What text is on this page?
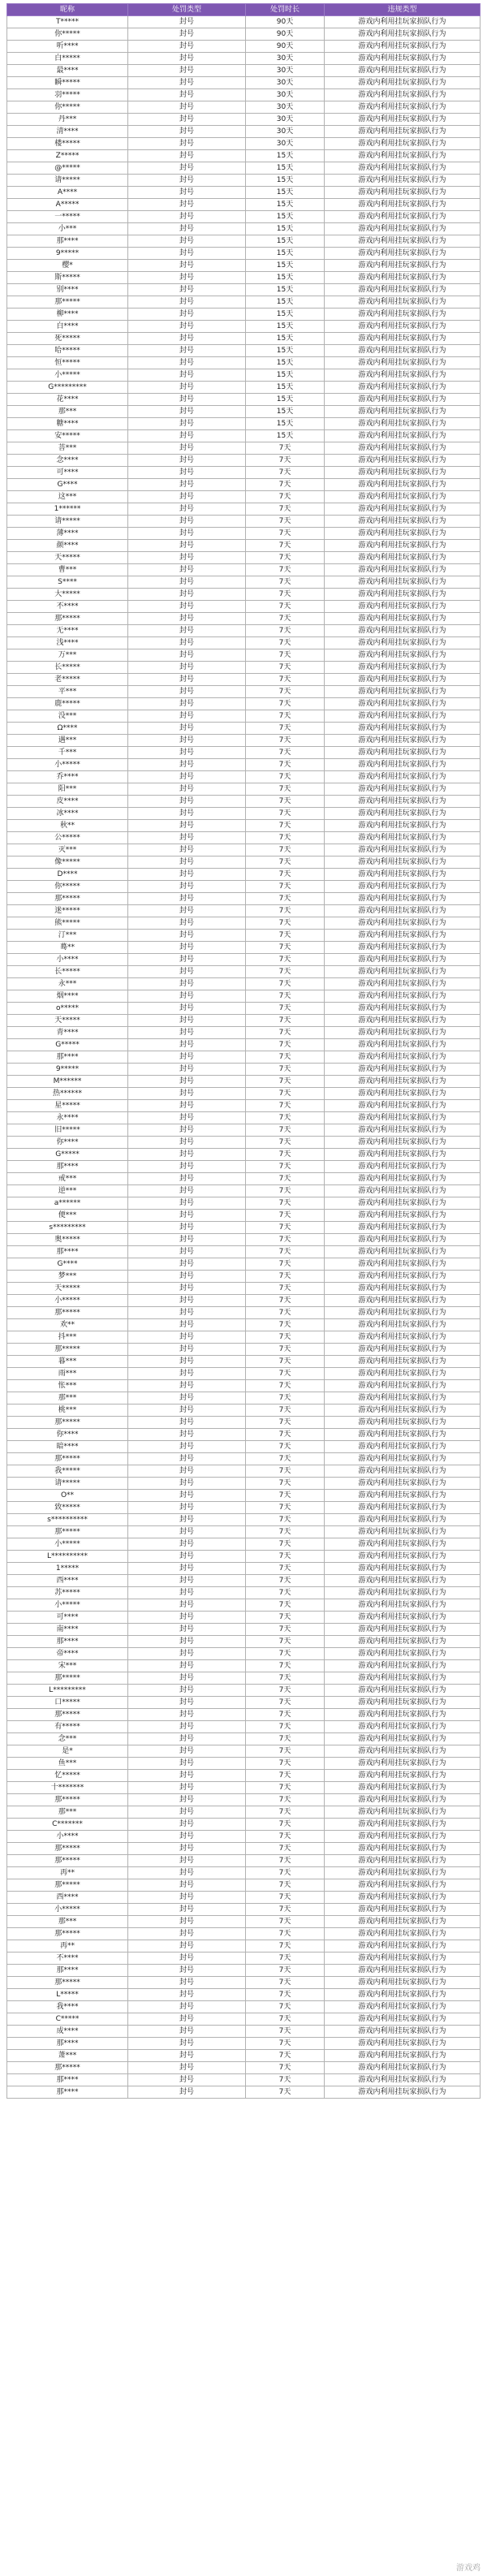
昵称	处罚类型	处罚时长	违规类型
T*****	封号	90天	游戏内利用挂玩家损队行为
你*****	封号	90天	游戏内利用挂玩家损队行为
听****	封号	90天	游戏内利用挂玩家损队行为
白*****	封号	30天	游戏内利用挂玩家损队行为
最****	封号	30天	游戏内利用挂玩家损队行为
瞬*****	封号	30天	游戏内利用挂玩家损队行为
羽*****	封号	30天	游戏内利用挂玩家损队行为
你*****	封号	30天	游戏内利用挂玩家损队行为
丹***	封号	30天	游戏内利用挂玩家损队行为
清****	封号	30天	游戏内利用挂玩家损队行为
楼*****	封号	30天	游戏内利用挂玩家损队行为
Z*****	封号	15天	游戏内利用挂玩家损队行为
@*****	封号	15天	游戏内利用挂玩家损队行为
请*****	封号	15天	游戏内利用挂玩家损队行为
A****	封号	15天	游戏内利用挂玩家损队行为
A*****	封号	15天	游戏内利用挂玩家损队行为
一*****	封号	15天	游戏内利用挂玩家损队行为
小***	封号	15天	游戏内利用挂玩家损队行为
那****	封号	15天	游戏内利用挂玩家损队行为
9*****	封号	15天	游戏内利用挂玩家损队行为
樱*	封号	15天	游戏内利用挂玩家损队行为
斯*****	封号	15天	游戏内利用挂玩家损队行为
别****	封号	15天	游戏内利用挂玩家损队行为
那*****	封号	15天	游戏内利用挂玩家损队行为
柳****	封号	15天	游戏内利用挂玩家损队行为
白****	封号	15天	游戏内利用挂玩家损队行为
死*****	封号	15天	游戏内利用挂玩家损队行为
哈*****	封号	15天	游戏内利用挂玩家损队行为
恒*****	封号	15天	游戏内利用挂玩家损队行为
小*****	封号	15天	游戏内利用挂玩家损队行为
G*********	封号	15天	游戏内利用挂玩家损队行为
花****	封号	15天	游戏内利用挂玩家损队行为
那***	封号	15天	游戏内利用挂玩家损队行为
糖****	封号	15天	游戏内利用挂玩家损队行为
安*****	封号	15天	游戏内利用挂玩家损队行为
菩***	封号	7天	游戏内利用挂玩家损队行为
念****	封号	7天	游戏内利用挂玩家损队行为
可****	封号	7天	游戏内利用挂玩家损队行为
G****	封号	7天	游戏内利用挂玩家损队行为
这***	封号	7天	游戏内利用挂玩家损队行为
1******	封号	7天	游戏内利用挂玩家损队行为
请*****	封号	7天	游戏内利用挂玩家损队行为
薄****	封号	7天	游戏内利用挂玩家损队行为
颜****	封号	7天	游戏内利用挂玩家损队行为
天*****	封号	7天	游戏内利用挂玩家损队行为
曹***	封号	7天	游戏内利用挂玩家损队行为
S****	封号	7天	游戏内利用挂玩家损队行为
大*****	封号	7天	游戏内利用挂玩家损队行为
不****	封号	7天	游戏内利用挂玩家损队行为
那*****	封号	7天	游戏内利用挂玩家损队行为
无****	封号	7天	游戏内利用挂玩家损队行为
浅****	封号	7天	游戏内利用挂玩家损队行为
万***	封号	7天	游戏内利用挂玩家损队行为
长*****	封号	7天	游戏内利用挂玩家损队行为
老*****	封号	7天	游戏内利用挂玩家损队行为
平***	封号	7天	游戏内利用挂玩家损队行为
鹿*****	封号	7天	游戏内利用挂玩家损队行为
没***	封号	7天	游戏内利用挂玩家损队行为
Ω****	封号	7天	游戏内利用挂玩家损队行为
遇***	封号	7天	游戏内利用挂玩家损队行为
千***	封号	7天	游戏内利用挂玩家损队行为
小*****	封号	7天	游戏内利用挂玩家损队行为
乔****	封号	7天	游戏内利用挂玩家损队行为
阳***	封号	7天	游戏内利用挂玩家损队行为
皮****	封号	7天	游戏内利用挂玩家损队行为
冰****	封号	7天	游戏内利用挂玩家损队行为
秋**	封号	7天	游戏内利用挂玩家损队行为
公*****	封号	7天	游戏内利用挂玩家损队行为
灭***	封号	7天	游戏内利用挂玩家损队行为
像*****	封号	7天	游戏内利用挂玩家损队行为
D****	封号	7天	游戏内利用挂玩家损队行为
你*****	封号	7天	游戏内利用挂玩家损队行为
那*****	封号	7天	游戏内利用挂玩家损队行为
迷*****	封号	7天	游戏内利用挂玩家损队行为
熊*****	封号	7天	游戏内利用挂玩家损队行为
汀***	封号	7天	游戏内利用挂玩家损队行为
蓦**	封号	7天	游戏内利用挂玩家损队行为
小****	封号	7天	游戏内利用挂玩家损队行为
长*****	封号	7天	游戏内利用挂玩家损队行为
永***	封号	7天	游戏内利用挂玩家损队行为
烟****	封号	7天	游戏内利用挂玩家损队行为
o*****	封号	7天	游戏内利用挂玩家损队行为
天*****	封号	7天	游戏内利用挂玩家损队行为
青****	封号	7天	游戏内利用挂玩家损队行为
G*****	封号	7天	游戏内利用挂玩家损队行为
那****	封号	7天	游戏内利用挂玩家损队行为
9*****	封号	7天	游戏内利用挂玩家损队行为
M******	封号	7天	游戏内利用挂玩家损队行为
热******	封号	7天	游戏内利用挂玩家损队行为
星*****	封号	7天	游戏内利用挂玩家损队行为
永****	封号	7天	游戏内利用挂玩家损队行为
旧*****	封号	7天	游戏内利用挂玩家损队行为
你****	封号	7天	游戏内利用挂玩家损队行为
G*****	封号	7天	游戏内利用挂玩家损队行为
那****	封号	7天	游戏内利用挂玩家损队行为
戒***	封号	7天	游戏内利用挂玩家损队行为
逆***	封号	7天	游戏内利用挂玩家损队行为
a******	封号	7天	游戏内利用挂玩家损队行为
便***	封号	7天	游戏内利用挂玩家损队行为
s*********	封号	7天	游戏内利用挂玩家损队行为
奥*****	封号	7天	游戏内利用挂玩家损队行为
那****	封号	7天	游戏内利用挂玩家损队行为
G****	封号	7天	游戏内利用挂玩家损队行为
梦***	封号	7天	游戏内利用挂玩家损队行为
天*****	封号	7天	游戏内利用挂玩家损队行为
小*****	封号	7天	游戏内利用挂玩家损队行为
那*****	封号	7天	游戏内利用挂玩家损队行为
欢**	封号	7天	游戏内利用挂玩家损队行为
抖***	封号	7天	游戏内利用挂玩家损队行为
那*****	封号	7天	游戏内利用挂玩家损队行为
暮***	封号	7天	游戏内利用挂玩家损队行为
雨***	封号	7天	游戏内利用挂玩家损队行为
怅***	封号	7天	游戏内利用挂玩家损队行为
那***	封号	7天	游戏内利用挂玩家损队行为
桃***	封号	7天	游戏内利用挂玩家损队行为
那*****	封号	7天	游戏内利用挂玩家损队行为
你****	封号	7天	游戏内利用挂玩家损队行为
暗****	封号	7天	游戏内利用挂玩家损队行为
那*****	封号	7天	游戏内利用挂玩家损队行为
我*****	封号	7天	游戏内利用挂玩家损队行为
请*****	封号	7天	游戏内利用挂玩家损队行为
O**	封号	7天	游戏内利用挂玩家损队行为
致*****	封号	7天	游戏内利用挂玩家损队行为
s**********	封号	7天	游戏内利用挂玩家损队行为
那*****	封号	7天	游戏内利用挂玩家损队行为
小*****	封号	7天	游戏内利用挂玩家损队行为
L**********	封号	7天	游戏内利用挂玩家损队行为
1*****	封号	7天	游戏内利用挂玩家损队行为
西****	封号	7天	游戏内利用挂玩家损队行为
苏*****	封号	7天	游戏内利用挂玩家损队行为
小*****	封号	7天	游戏内利用挂玩家损队行为
可****	封号	7天	游戏内利用挂玩家损队行为
南****	封号	7天	游戏内利用挂玩家损队行为
那****	封号	7天	游戏内利用挂玩家损队行为
帝****	封号	7天	游戏内利用挂玩家损队行为
宋***	封号	7天	游戏内利用挂玩家损队行为
那*****	封号	7天	游戏内利用挂玩家损队行为
L*********	封号	7天	游戏内利用挂玩家损队行为
口*****	封号	7天	游戏内利用挂玩家损队行为
那*****	封号	7天	游戏内利用挂玩家损队行为
有*****	封号	7天	游戏内利用挂玩家损队行为
念***	封号	7天	游戏内利用挂玩家损队行为
是*	封号	7天	游戏内利用挂玩家损队行为
鱼***	封号	7天	游戏内利用挂玩家损队行为
忆*****	封号	7天	游戏内利用挂玩家损队行为
十*******	封号	7天	游戏内利用挂玩家损队行为
那*****	封号	7天	游戏内利用挂玩家损队行为
那***	封号	7天	游戏内利用挂玩家损队行为
C*******	封号	7天	游戏内利用挂玩家损队行为
小****	封号	7天	游戏内利用挂玩家损队行为
那*****	封号	7天	游戏内利用挂玩家损队行为
那*****	封号	7天	游戏内利用挂玩家损队行为
再**	封号	7天	游戏内利用挂玩家损队行为
那*****	封号	7天	游戏内利用挂玩家损队行为
西****	封号	7天	游戏内利用挂玩家损队行为
小*****	封号	7天	游戏内利用挂玩家损队行为
那***	封号	7天	游戏内利用挂玩家损队行为
那*****	封号	7天	游戏内利用挂玩家损队行为
再**	封号	7天	游戏内利用挂玩家损队行为
不****	封号	7天	游戏内利用挂玩家损队行为
那****	封号	7天	游戏内利用挂玩家损队行为
那*****	封号	7天	游戏内利用挂玩家损队行为
L*****	封号	7天	游戏内利用挂玩家损队行为
我****	封号	7天	游戏内利用挂玩家损队行为
C*****	封号	7天	游戏内利用挂玩家损队行为
成****	封号	7天	游戏内利用挂玩家损队行为
那****	封号	7天	游戏内利用挂玩家损队行为
萧***	封号	7天	游戏内利用挂玩家损队行为
那*****	封号	7天	游戏内利用挂玩家损队行为
那****	封号	7天	游戏内利用挂玩家损队行为
那****	封号	7天	游戏内利用挂玩家损队行为
游戏鸡
